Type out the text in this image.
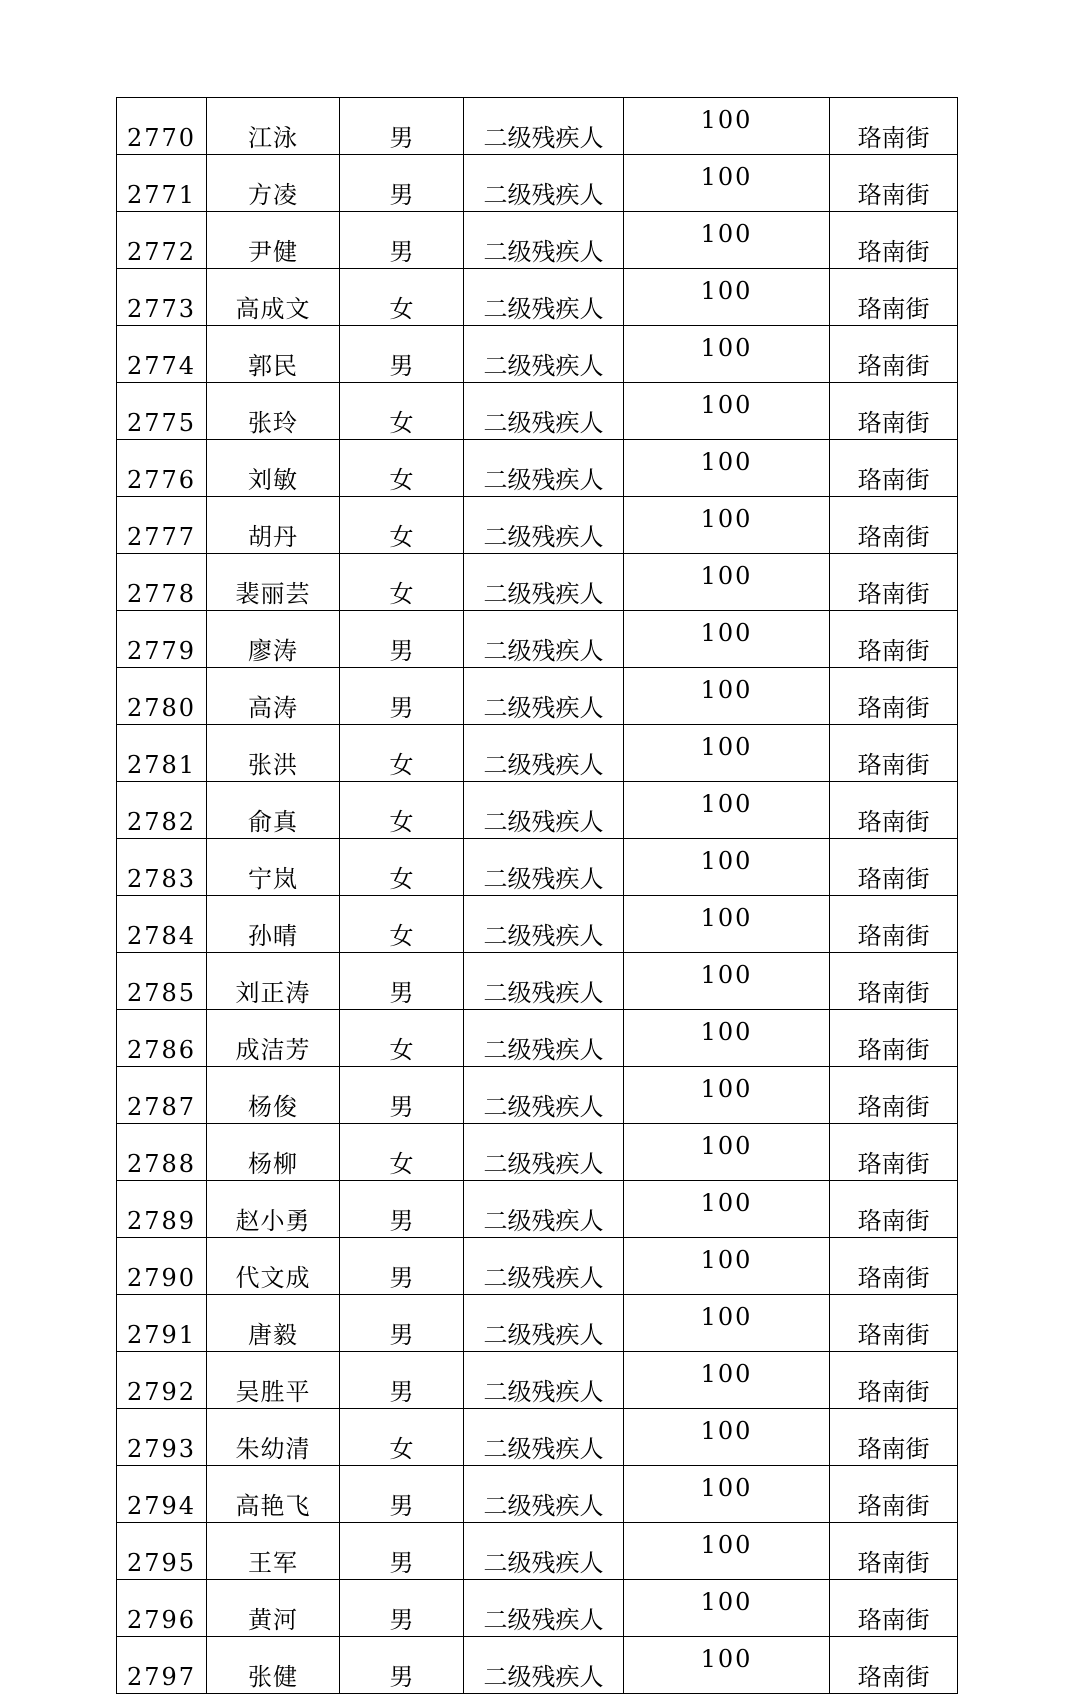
2770	江泳	男	二级残疾人	100	珞南街
2771	方凌	男	二级残疾人	100	珞南街
2772	尹健	男	二级残疾人	100	珞南街
2773	高成文	女	二级残疾人	100	珞南街
2774	郭民	男	二级残疾人	100	珞南街
2775	张玲	女	二级残疾人	100	珞南街
2776	刘敏	女	二级残疾人	100	珞南街
2777	胡丹	女	二级残疾人	100	珞南街
2778	裴丽芸	女	二级残疾人	100	珞南街
2779	廖涛	男	二级残疾人	100	珞南街
2780	高涛	男	二级残疾人	100	珞南街
2781	张洪	女	二级残疾人	100	珞南街
2782	俞真	女	二级残疾人	100	珞南街
2783	宁岚	女	二级残疾人	100	珞南街
2784	孙晴	女	二级残疾人	100	珞南街
2785	刘正涛	男	二级残疾人	100	珞南街
2786	成洁芳	女	二级残疾人	100	珞南街
2787	杨俊	男	二级残疾人	100	珞南街
2788	杨柳	女	二级残疾人	100	珞南街
2789	赵小勇	男	二级残疾人	100	珞南街
2790	代文成	男	二级残疾人	100	珞南街
2791	唐毅	男	二级残疾人	100	珞南街
2792	吴胜平	男	二级残疾人	100	珞南街
2793	朱幼清	女	二级残疾人	100	珞南街
2794	高艳飞	男	二级残疾人	100	珞南街
2795	王军	男	二级残疾人	100	珞南街
2796	黄河	男	二级残疾人	100	珞南街
2797	张健	男	二级残疾人	100	珞南街
